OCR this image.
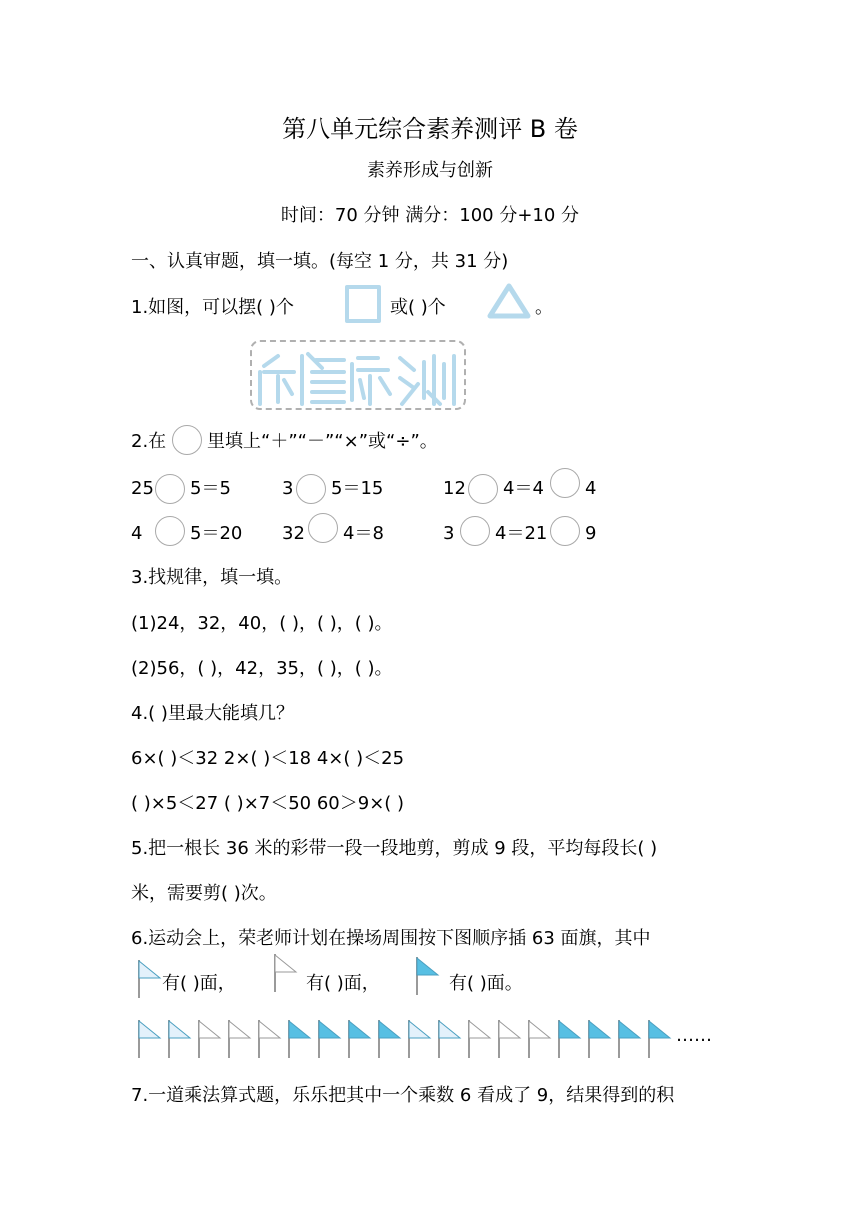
第八单元综合素养测评 B 卷
素养形成与创新
时间：70 分钟 满分：100 分+10 分
一、认真审题，填一填。(每空 1 分，共 31 分)
1.如图，可以摆( )个	或( )个	。
2.在 里填上“＋”“－”“×”或“÷”。
25 5＝5	3 5＝15	12 4＝4 4
4	5＝20 32 4＝8	3 4＝21 9
3.找规律，填一填。
(1)24，32，40，( )，( )，( )。
(2)56，( )，42，35，( )，( )。
4.( )里最大能填几？
6×( )＜32 2×( )＜18 4×( )＜25
( )×5＜27 ( )×7＜50 60＞9×( )
5.把一根长 36 米的彩带一段一段地剪，剪成 9 段，平均每段长( )
米，需要剪( )次。
6.运动会上，荣老师计划在操场周围按下图顺序插 63 面旗，其中
有( )面，	有( )面，	有( )面。
……
7.一道乘法算式题，乐乐把其中一个乘数 6 看成了 9，结果得到的积
